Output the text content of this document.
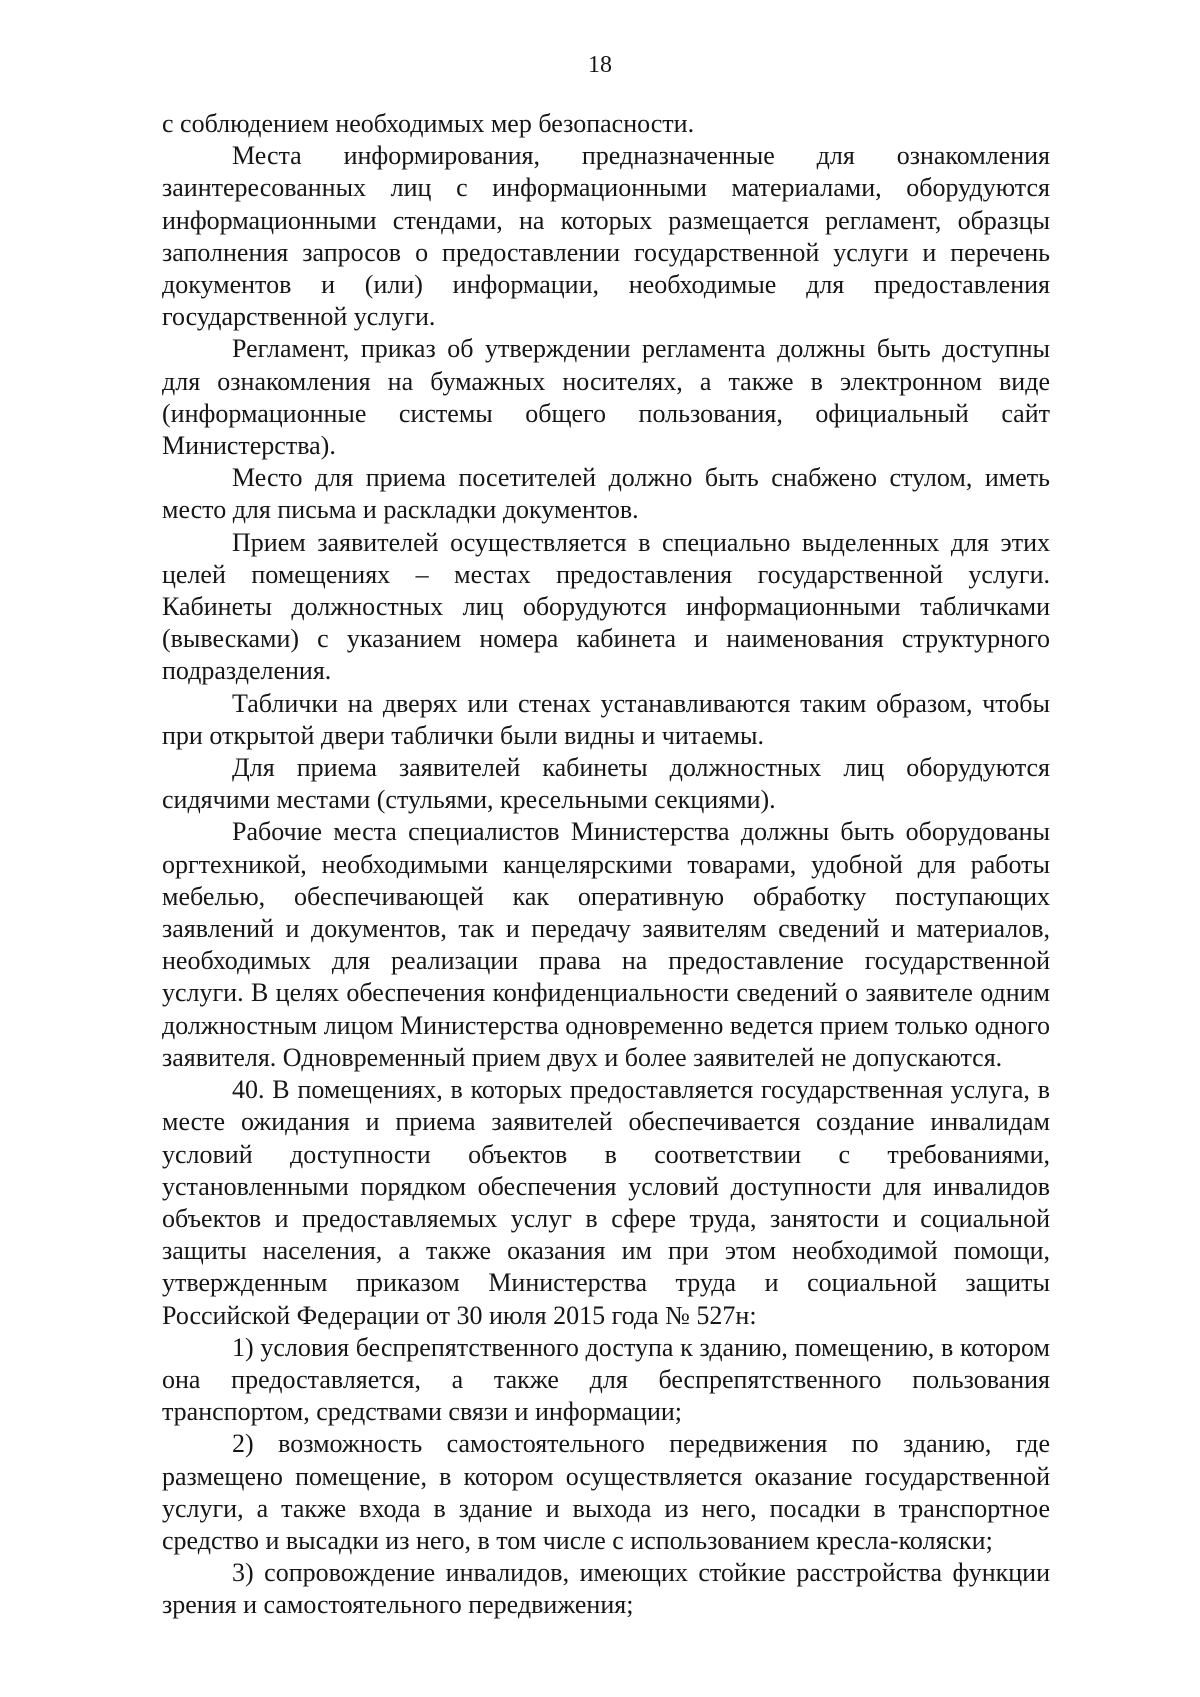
18

с соблюдением необходимых мер безопасности.

Места информирования, предназначенные для ознакомления заинтересованных лиц с информационными материалами, оборудуются информационными стендами, на которых размещается регламент, образцы заполнения запросов о предоставлении государственной услуги и перечень документов и (или) информации, необходимые для предоставления государственной услуги.

Регламент, приказ об утверждении регламента должны быть доступны для ознакомления на бумажных носителях, а также в электронном виде (информационные системы общего пользования, официальный сайт Министерства).

Место для приема посетителей должно быть снабжено стулом, иметь место для письма и раскладки документов.

Прием заявителей осуществляется в специально выделенных для этих целей помещениях – местах предоставления государственной услуги. Кабинеты должностных лиц оборудуются информационными табличками (вывесками) с указанием номера кабинета и наименования структурного подразделения.

Таблички на дверях или стенах устанавливаются таким образом, чтобы при открытой двери таблички были видны и читаемы.

Для приема заявителей кабинеты должностных лиц оборудуются сидячими местами (стульями, кресельными секциями).

Рабочие места специалистов Министерства должны быть оборудованы оргтехникой, необходимыми канцелярскими товарами, удобной для работы мебелью, обеспечивающей как оперативную обработку поступающих заявлений и документов, так и передачу заявителям сведений и материалов, необходимых для реализации права на предоставление государственной услуги. В целях обеспечения конфиденциальности сведений о заявителе одним должностным лицом Министерства одновременно ведется прием только одного заявителя. Одновременный прием двух и более заявителей не допускаются.

40. В помещениях, в которых предоставляется государственная услуга, в месте ожидания и приема заявителей обеспечивается создание инвалидам условий доступности объектов в соответствии с требованиями, установленными порядком обеспечения условий доступности для инвалидов объектов и предоставляемых услуг в сфере труда, занятости и социальной защиты населения, а также оказания им при этом необходимой помощи, утвержденным приказом Министерства труда и социальной защиты Российской Федерации от 30 июля 2015 года № 527н:

1) условия беспрепятственного доступа к зданию, помещению, в котором она предоставляется, а также для беспрепятственного пользования транспортом, средствами связи и информации;

2) возможность самостоятельного передвижения по зданию, где размещено помещение, в котором осуществляется оказание государственной услуги, а также входа в здание и выхода из него, посадки в транспортное средство и высадки из него, в том числе с использованием кресла-коляски;

3) сопровождение инвалидов, имеющих стойкие расстройства функции зрения и самостоятельного передвижения;
